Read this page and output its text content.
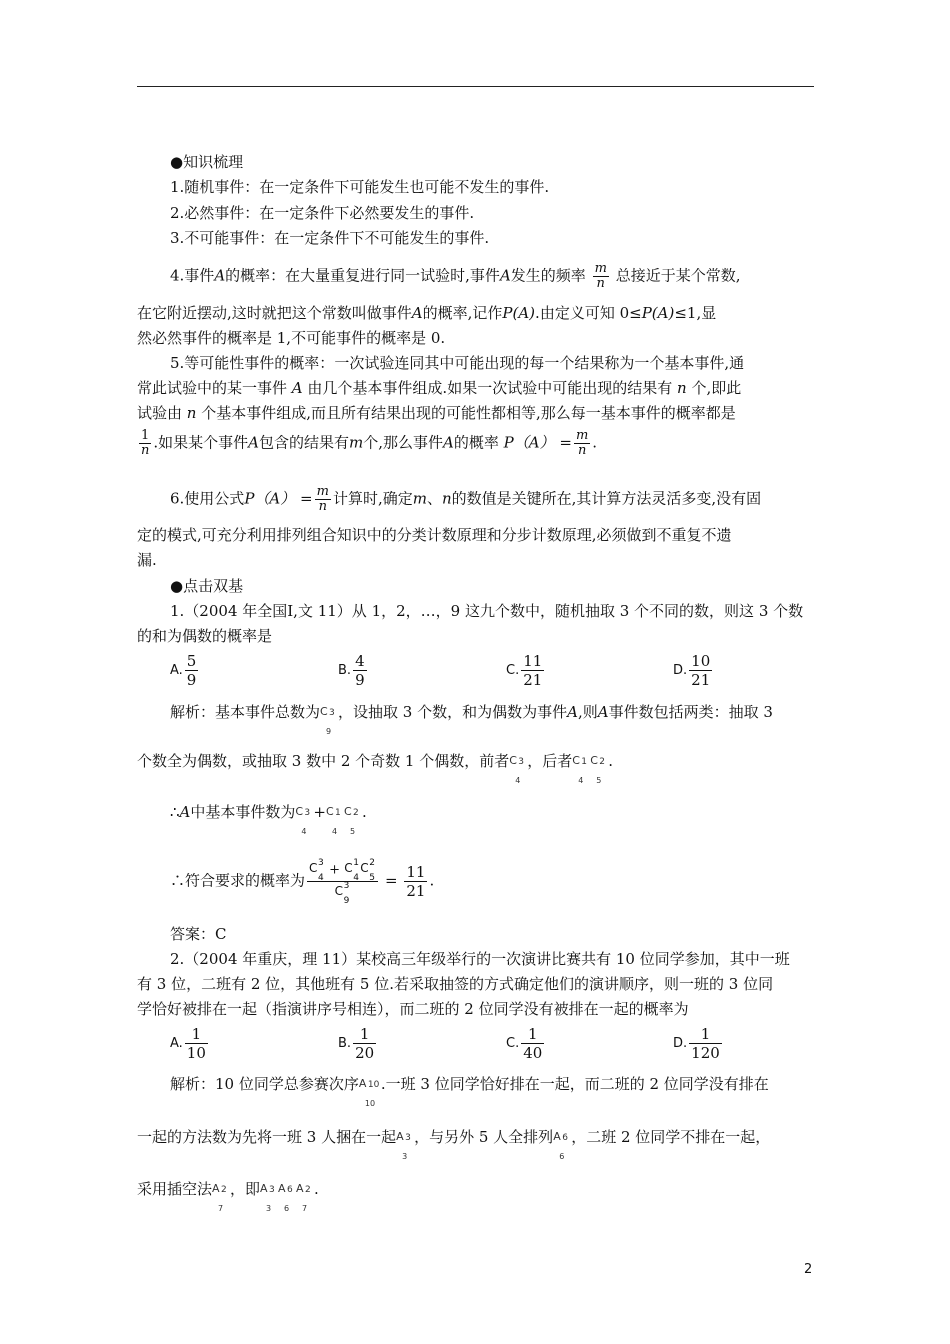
●知识梳理
1.随机事件：在一定条件下可能发生也可能不发生的事件.
2.必然事件：在一定条件下必然要发生的事件.
3.不可能事件：在一定条件下不可能发生的事件.
4.事件A的概率：在大量重复进行同一试验时,事件A发生的频率 $\frac{m}{n}$ 总接近于某个常数,
在它附近摆动,这时就把这个常数叫做事件A的概率,记作P(A).由定义可知 0≤P(A)≤1,显
然必然事件的概率是 1,不可能事件的概率是 0.
5.等可能性事件的概率：一次试验连同其中可能出现的每一个结果称为一个基本事件,通
常此试验中的某一事件 A 由几个基本事件组成.如果一次试验中可能出现的结果有 n 个,即此
试验由 n 个基本事件组成,而且所有结果出现的可能性都相等,那么每一基本事件的概率都是
$\frac{1}{n}$ .如果某个事件A包含的结果有m个,那么事件A的概率 $P(A) = \frac{m}{n}$ .
6.使用公式$P(A) = \frac{m}{n}$ 计算时,确定m、n的数值是关键所在,其计算方法灵活多变,没有固
定的模式,可充分利用排列组合知识中的分类计数原理和分步计数原理,必须做到不重复不遗
漏.
●点击双基
1.（2004 年全国Ⅰ,文 11）从 1，2，…，9 这九个数中，随机抽取 3 个不同的数，则这 3 个数
的和为偶数的概率是
A. $\frac{5}{9}$	B. $\frac{4}{9}$	C. $\frac{11}{21}$	D. $\frac{10}{21}$
解析：基本事件总数为 C 3
9
，设抽取 3 个数，和为偶数为事件A,则A事件数包括两类：抽取 3
个数全为偶数，或抽取 3 数中 2 个奇数 1 个偶数，前者 C 3
4
，后者 C 1
4
C 2
5
.
∴A中基本事件数为 C 3
4
+ C 1
4
C 2
5
.
∴符合要求的概率为 C 3
4
+ C 1
4
C 2
5
C 3
$9 = \frac{11}{21}$ .
答案：C
2.（2004 年重庆，理 11）某校高三年级举行的一次演讲比赛共有 10 位同学参加，其中一班
有 3 位，二班有 2 位，其他班有 5 位.若采取抽签的方式确定他们的演讲顺序，则一班的 3 位同
学恰好被排在一起（指演讲序号相连），而二班的 2 位同学没有被排在一起的概率为
A. $\frac{1}{10}$	B. $\frac{1}{20}$	C. $\frac{1}{40}$	D. $\frac{1}{120}$
解析：10 位同学总参赛次序 A 10
10
.一班 3 位同学恰好排在一起，而二班的 2 位同学没有排在
一起的方法数为先将一班 3 人捆在一起 A 3
3
，与另外 5 人全排列 A 6
6
，二班 2 位同学不排在一起，
采用插空法 A 2
7
，即 A 3
3
A 6
6
A 2
7
.
2
